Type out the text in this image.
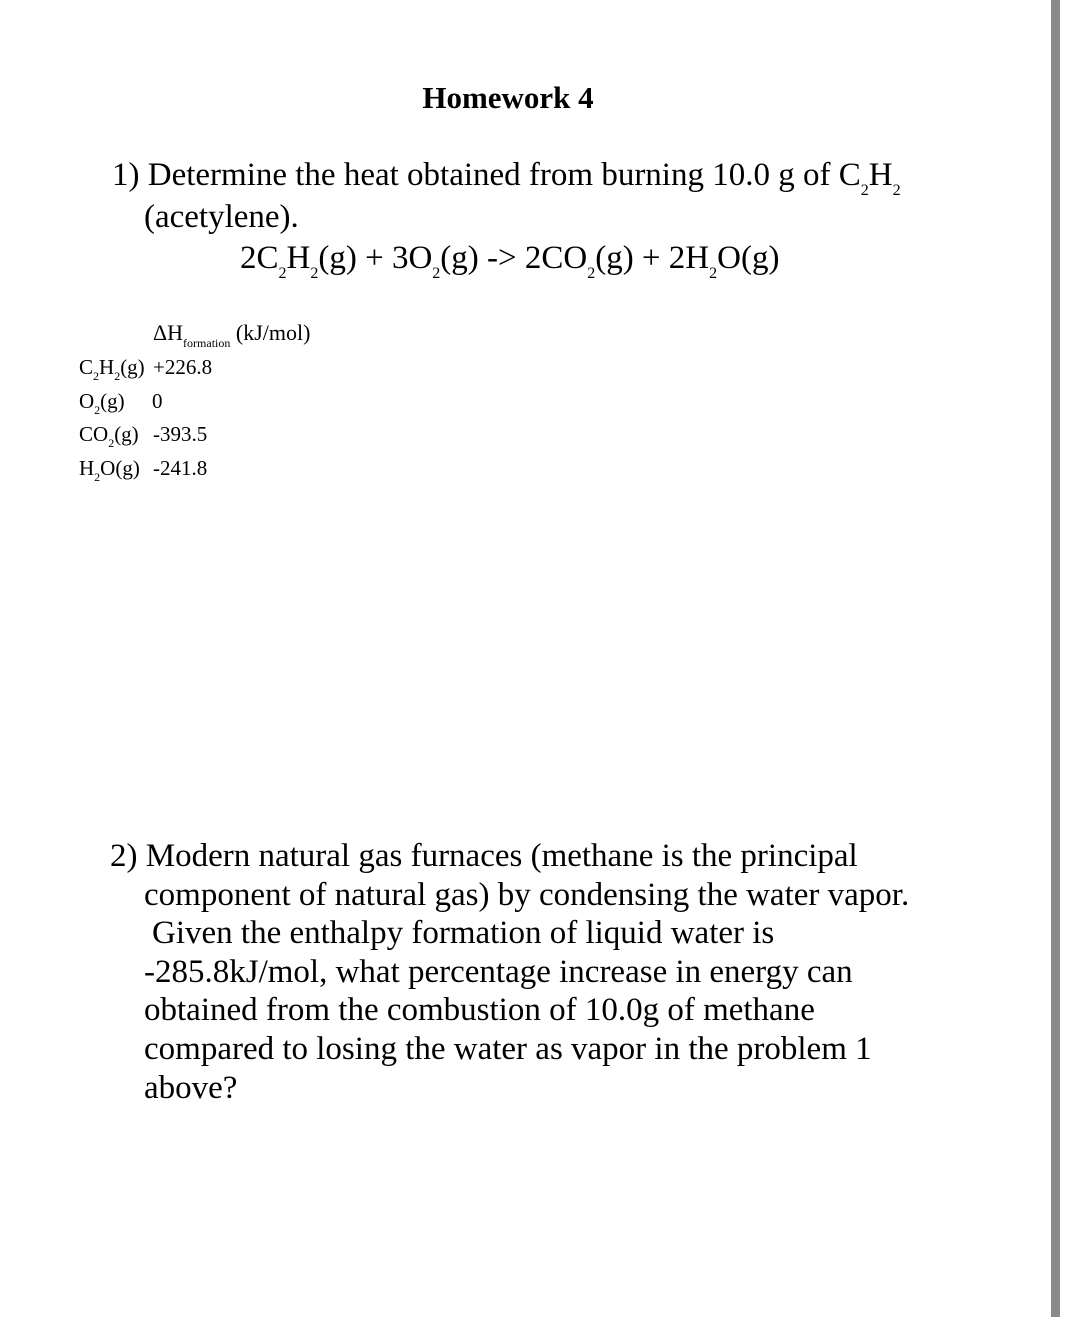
Homework 4
1) Determine the heat obtained from burning 10.0 g of $C_2H_2$
(acetylene).
$2C_2H_2(g) + 3O_2(g) -> 2CO_2(g) + 2H_2O(g)$
$\Delta H_{formation}$ (kJ/mol)
$C_2H_2(g) +226.8$
$O_2(g)$ 0
$CO_2(g)$ -393.5
$H_2O(g)$ -241.8
2) Modern natural gas furnaces (methane is the principal
component of natural gas) by condensing the water vapor.
Given the enthalpy formation of liquid water is
-285.8kJ/mol, what percentage increase in energy can
obtained from the combustion of 10.0g of methane
compared to losing the water as vapor in the problem 1
above?
